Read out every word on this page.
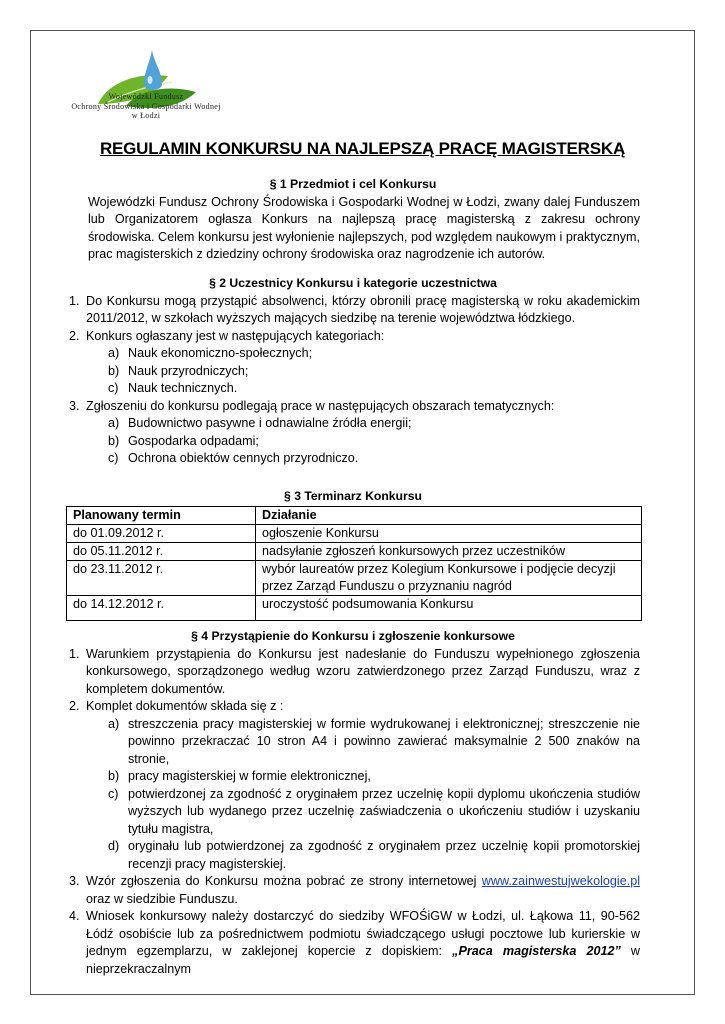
Wojewódzki Fundusz
Ochrony Środowiska i Gospodarki Wodnej
w Łodzi
REGULAMIN KONKURSU NA NAJLEPSZĄ PRACĘ MAGISTERSKĄ
§ 1 Przedmiot i cel Konkursu
Wojewódzki Fundusz Ochrony Środowiska i Gospodarki Wodnej w Łodzi, zwany dalej Funduszem lub Organizatorem ogłasza Konkurs na najlepszą pracę magisterską z zakresu ochrony środowiska. Celem konkursu jest wyłonienie najlepszych, pod względem naukowym i praktycznym, prac magisterskich z dziedziny ochrony środowiska oraz nagrodzenie ich autorów.
§ 2 Uczestnicy Konkursu i kategorie uczestnictwa
1. Do Konkursu mogą przystąpić absolwenci, którzy obronili pracę magisterską w roku akademickim 2011/2012, w szkołach wyższych mających siedzibę na terenie województwa łódzkiego.
2. Konkurs ogłaszany jest w następujących kategoriach:
a) Nauk ekonomiczno-społecznych;
b) Nauk przyrodniczych;
c) Nauk technicznych.
3. Zgłoszeniu do konkursu podlegają prace w następujących obszarach tematycznych:
a) Budownictwo pasywne i odnawialne źródła energii;
b) Gospodarka odpadami;
c) Ochrona obiektów cennych przyrodniczo.
§ 3 Terminarz Konkursu
Planowany termin	Działanie
do 01.09.2012 r.	ogłoszenie Konkursu
do 05.11.2012 r.	nadsyłanie zgłoszeń konkursowych przez uczestników
do 23.11.2012 r.	wybór laureatów przez Kolegium Konkursowe i podjęcie decyzji przez Zarząd Funduszu o przyznaniu nagród
do 14.12.2012 r.	uroczystość podsumowania Konkursu
§ 4 Przystąpienie do Konkursu i zgłoszenie konkursowe
1. Warunkiem przystąpienia do Konkursu jest nadesłanie do Funduszu wypełnionego zgłoszenia konkursowego, sporządzonego według wzoru zatwierdzonego przez Zarząd Funduszu, wraz z kompletem dokumentów.
2. Komplet dokumentów składa się z :
a) streszczenia pracy magisterskiej w formie wydrukowanej i elektronicznej; streszczenie nie powinno przekraczać 10 stron A4 i powinno zawierać maksymalnie 2 500 znaków na stronie,
b) pracy magisterskiej w formie elektronicznej,
c) potwierdzonej za zgodność z oryginałem przez uczelnię kopii dyplomu ukończenia studiów wyższych lub wydanego przez uczelnię zaświadczenia o ukończeniu studiów i uzyskaniu tytułu magistra,
d) oryginału lub potwierdzonej za zgodność z oryginałem przez uczelnię kopii promotorskiej recenzji pracy magisterskiej.
3. Wzór zgłoszenia do Konkursu można pobrać ze strony internetowej www.zainwestujwekologie.pl oraz w siedzibie Funduszu.
4. Wniosek konkursowy należy dostarczyć do siedziby WFOŚiGW w Łodzi, ul. Łąkowa 11, 90-562 Łódź osobiście lub za pośrednictwem podmiotu świadczącego usługi pocztowe lub kurierskie w jednym egzemplarzu, w zaklejonej kopercie z dopiskiem: „Praca magisterska 2012” w nieprzekraczalnym
